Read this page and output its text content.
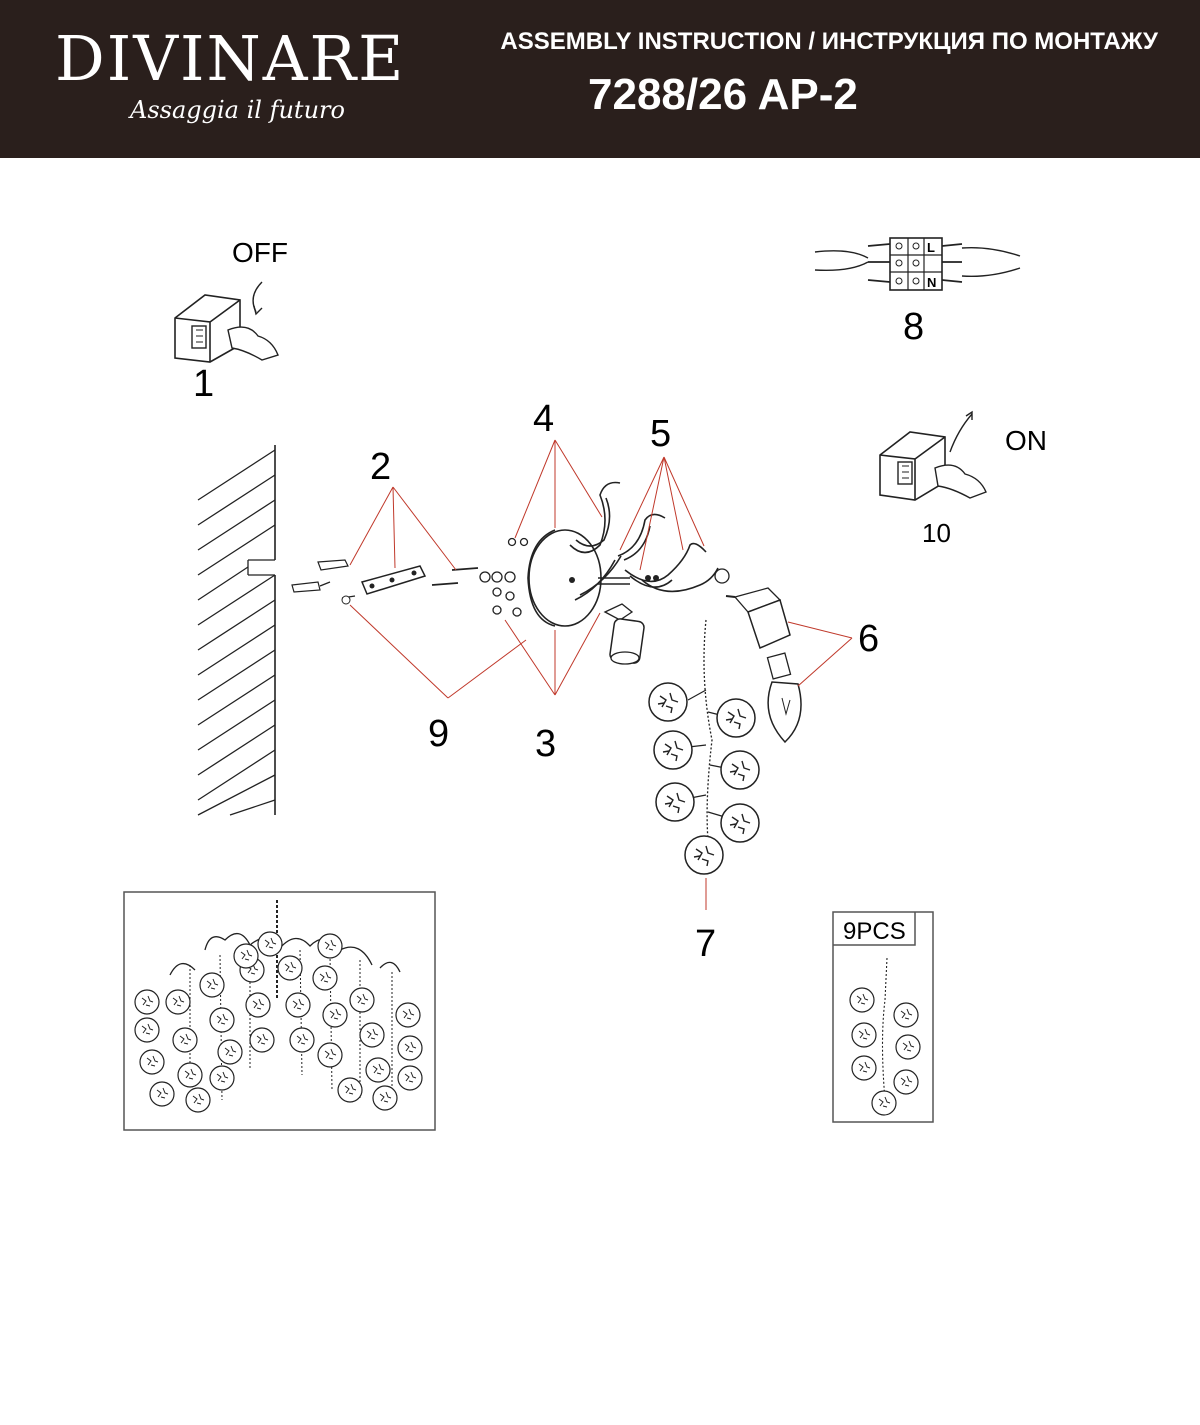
DIVINARE
Assaggia il futuro
ASSEMBLY INSTRUCTION / ИНСТРУКЦИЯ ПО МОНТАЖУ
7288/26 AP-2
OFF	L
N
ON
9PCS
1
2
3
4	5
6
7
8
9
10
